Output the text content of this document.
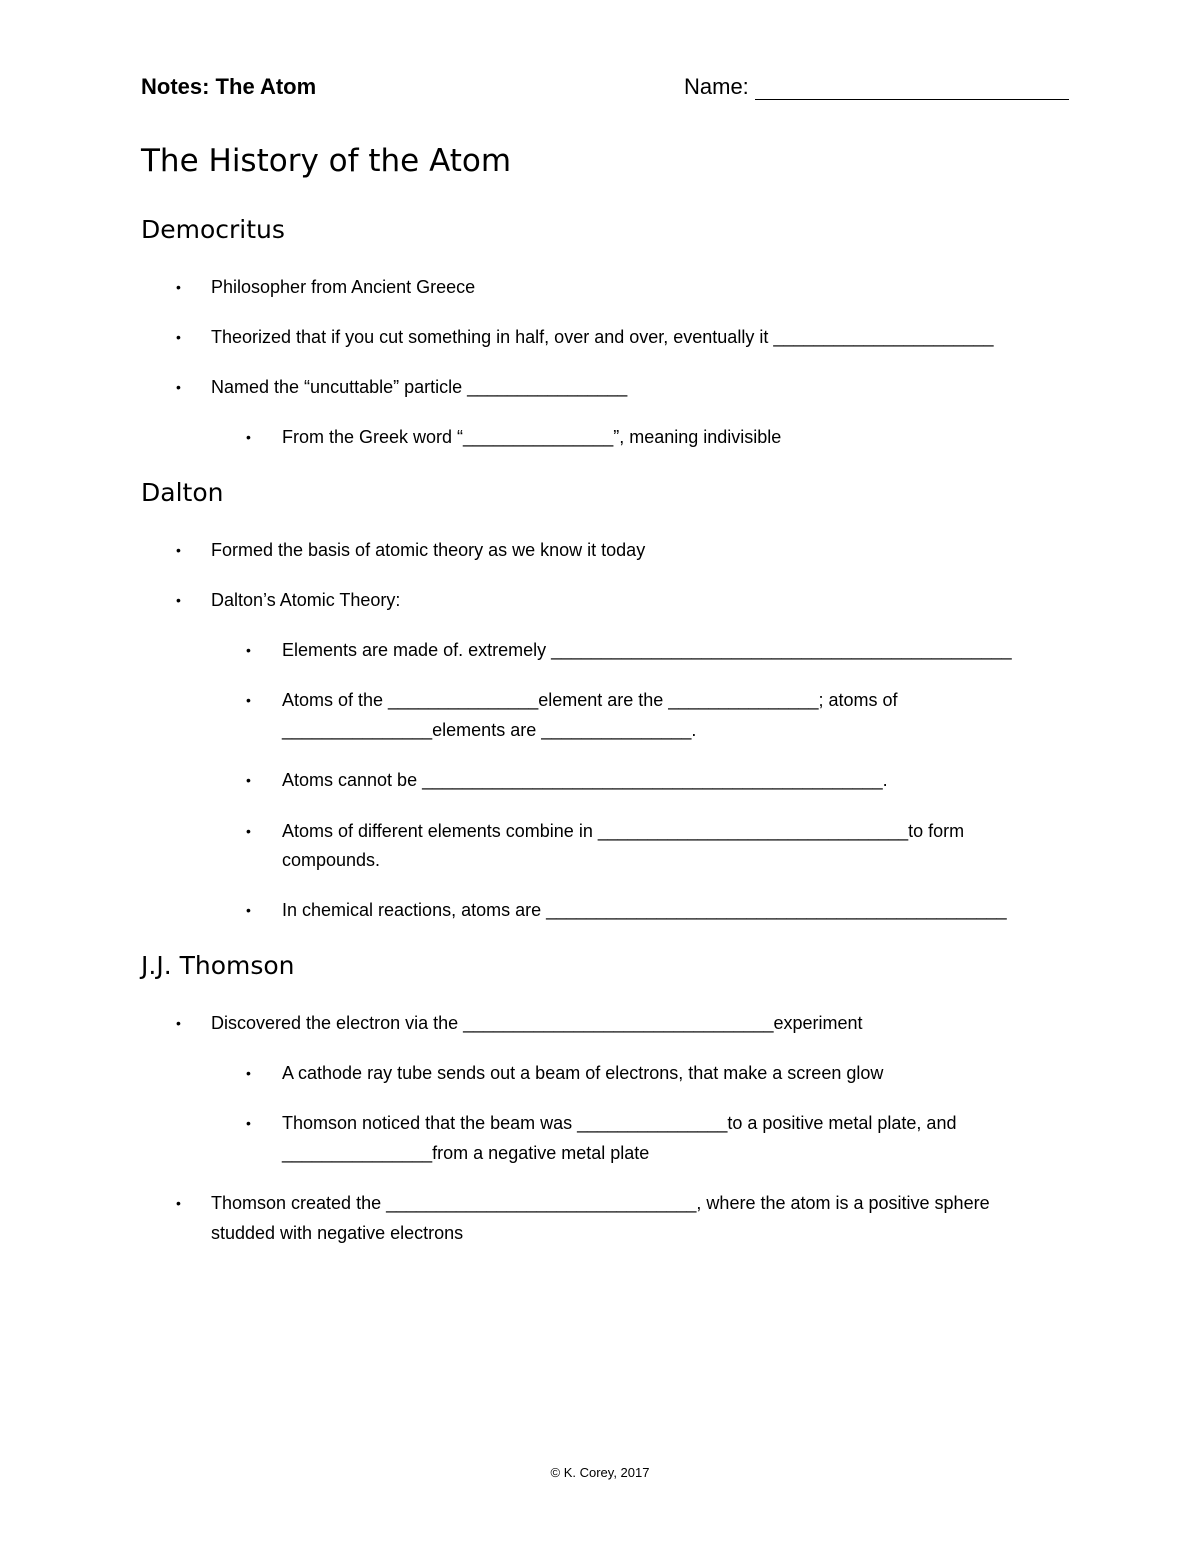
Notes: The Atom	Name:
The History of the Atom
Democritus
• Philosopher from Ancient Greece
• Theorized that if you cut something in half, over and over, eventually it ______________________
• Named the “uncuttable” particle ________________
• From the Greek word “_______________”, meaning indivisible
Dalton
• Formed the basis of atomic theory as we know it today
• Dalton’s Atomic Theory:
• Elements are made of. extremely ______________________________________________
• Atoms of the _______________element are the _______________; atoms of
_______________elements are _______________.
• Atoms cannot be ______________________________________________.
• Atoms of different elements combine in _______________________________to form
compounds.
• In chemical reactions, atoms are ______________________________________________
J.J. Thomson
• Discovered the electron via the _______________________________experiment
• A cathode ray tube sends out a beam of electrons, that make a screen glow
• Thomson noticed that the beam was _______________to a positive metal plate, and
_______________from a negative metal plate
• Thomson created the _______________________________, where the atom is a positive sphere
studded with negative electrons
© K. Corey, 2017
